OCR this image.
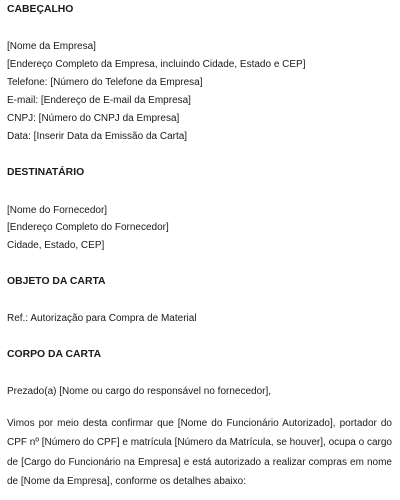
CABEÇALHO
[Nome da Empresa]
[Endereço Completo da Empresa, incluindo Cidade, Estado e CEP]
Telefone: [Número do Telefone da Empresa]
E-mail: [Endereço de E-mail da Empresa]
CNPJ: [Número do CNPJ da Empresa]
Data: [Inserir Data da Emissão da Carta]
DESTINATÁRIO
[Nome do Fornecedor]
[Endereço Completo do Fornecedor]
Cidade, Estado, CEP]
OBJETO DA CARTA
Ref.: Autorização para Compra de Material
CORPO DA CARTA
Prezado(a) [Nome ou cargo do responsável no fornecedor],
Vimos por meio desta confirmar que [Nome do Funcionário Autorizado], portador do CPF nº [Número do CPF] e matrícula [Número da Matrícula, se houver], ocupa o cargo de [Cargo do Funcionário na Empresa] e está autorizado a realizar compras em nome de [Nome da Empresa], conforme os detalhes abaixo:
